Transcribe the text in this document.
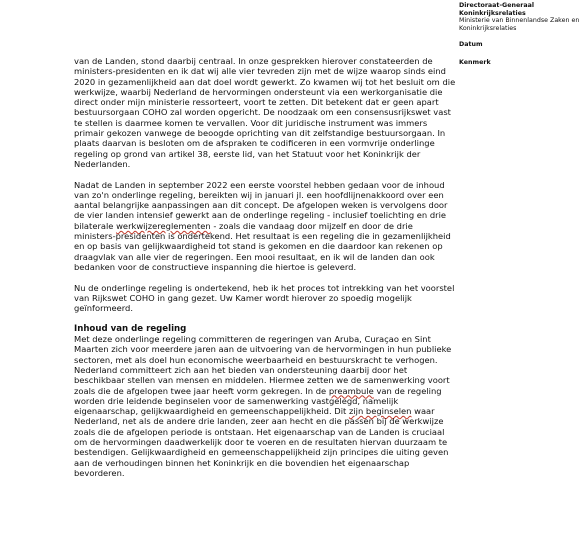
Directoraat-Generaal
Koninkrijksrelaties
Ministerie van Binnenlandse Zaken en Koninkrijksrelaties
Datum
Kenmerk

van de Landen, stond daarbij centraal. In onze gesprekken hierover constateerden de ministers-presidenten en ik dat wij alle vier tevreden zijn met de wijze waarop sinds eind 2020 in gezamenlijkheid aan dat doel wordt gewerkt. Zo kwamen wij tot het besluit om die werkwijze, waarbij Nederland de hervormingen ondersteunt via een werkorganisatie die direct onder mijn ministerie ressorteert, voort te zetten. Dit betekent dat er geen apart bestuursorgaan COHO zal worden opgericht. De noodzaak om een consensusrijkswet vast te stellen is daarmee komen te vervallen. Voor dit juridische instrument was immers primair gekozen vanwege de beoogde oprichting van dit zelfstandige bestuursorgaan. In plaats daarvan is besloten om de afspraken te codificeren in een vormvrije onderlinge regeling op grond van artikel 38, eerste lid, van het Statuut voor het Koninkrijk der Nederlanden.

Nadat de Landen in september 2022 een eerste voorstel hebben gedaan voor de inhoud van zo'n onderlinge regeling, bereikten wij in januari jl. een hoofdlijnenakkoord over een aantal belangrijke aanpassingen aan dit concept. De afgelopen weken is vervolgens door de vier landen intensief gewerkt aan de onderlinge regeling - inclusief toelichting en drie bilaterale werkwijzereglementen - zoals die vandaag door mijzelf en door de drie ministers-presidenten is ondertekend. Het resultaat is een regeling die in gezamenlijkheid en op basis van gelijkwaardigheid tot stand is gekomen en die daardoor kan rekenen op draagvlak van alle vier de regeringen. Een mooi resultaat, en ik wil de landen dan ook bedanken voor de constructieve inspanning die hiertoe is geleverd.

Nu de onderlinge regeling is ondertekend, heb ik het proces tot intrekking van het voorstel van Rijkswet COHO in gang gezet. Uw Kamer wordt hierover zo spoedig mogelijk geïnformeerd.

Inhoud van de regeling

Met deze onderlinge regeling committeren de regeringen van Aruba, Curaçao en Sint Maarten zich voor meerdere jaren aan de uitvoering van de hervormingen in hun publieke sectoren, met als doel hun economische weerbaarheid en bestuurskracht te verhogen. Nederland committeert zich aan het bieden van ondersteuning daarbij door het beschikbaar stellen van mensen en middelen. Hiermee zetten we de samenwerking voort zoals die de afgelopen twee jaar heeft vorm gekregen. In de preambule van de regeling worden drie leidende beginselen voor de samenwerking vastgelegd, namelijk eigenaarschap, gelijkwaardigheid en gemeenschappelijkheid. Dit zijn beginselen waar Nederland, net als de andere drie landen, zeer aan hecht en die passen bij de werkwijze zoals die de afgelopen periode is ontstaan. Het eigenaarschap van de Landen is cruciaal om de hervormingen daadwerkelijk door te voeren en de resultaten hiervan duurzaam te bestendigen. Gelijkwaardigheid en gemeenschappelijkheid zijn principes die uiting geven aan de verhoudingen binnen het Koninkrijk en die bovendien het eigenaarschap bevorderen.
